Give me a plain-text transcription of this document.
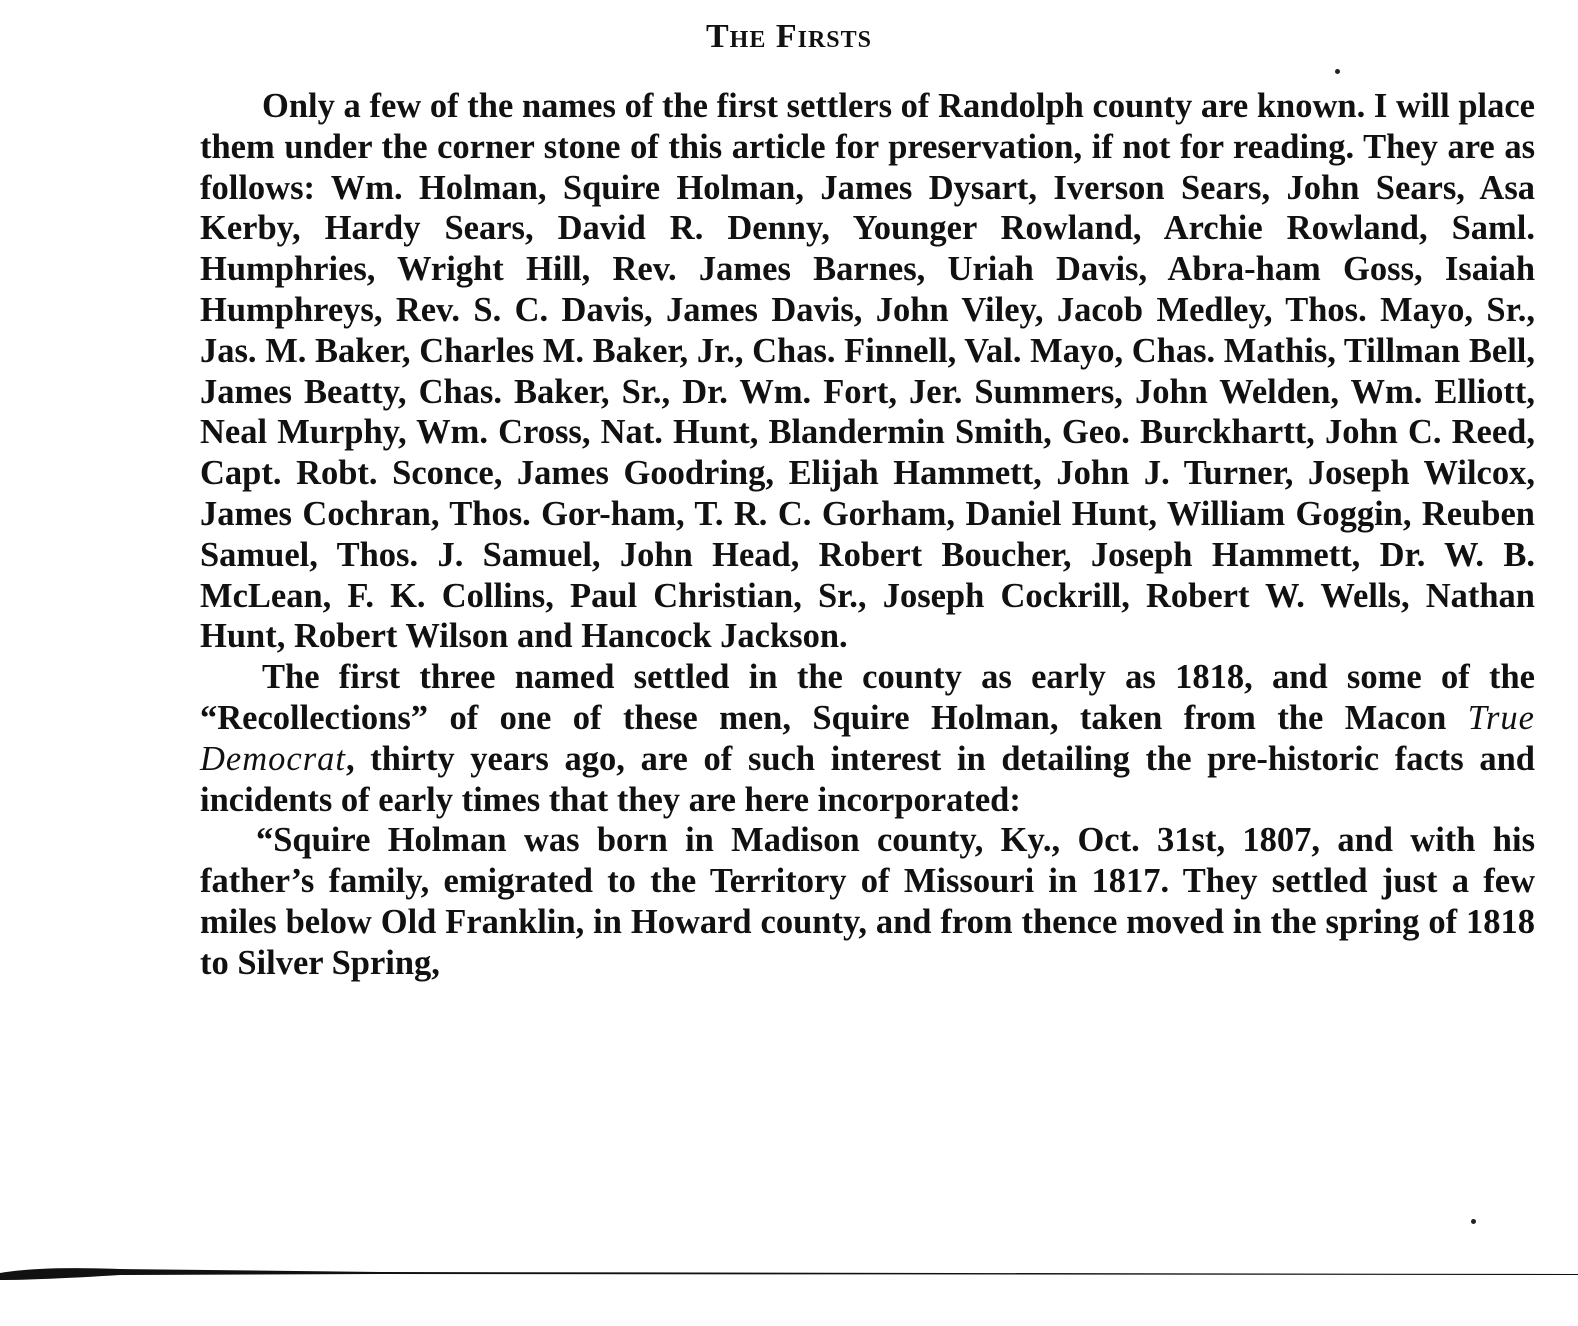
The Firsts

Only a few of the names of the first settlers of Randolph county are known. I will place them under the corner stone of this article for preservation, if not for reading. They are as follows: Wm. Holman, Squire Holman, James Dysart, Iverson Sears, John Sears, Asa Kerby, Hardy Sears, David R. Denny, Younger Rowland, Archie Rowland, Saml. Humphries, Wright Hill, Rev. James Barnes, Uriah Davis, Abra-ham Goss, Isaiah Humphreys, Rev. S. C. Davis, James Davis, John Viley, Jacob Medley, Thos. Mayo, Sr., Jas. M. Baker, Charles M. Baker, Jr., Chas. Finnell, Val. Mayo, Chas. Mathis, Tillman Bell, James Beatty, Chas. Baker, Sr., Dr. Wm. Fort, Jer. Summers, John Welden, Wm. Elliott, Neal Murphy, Wm. Cross, Nat. Hunt, Blandermin Smith, Geo. Burckhartt, John C. Reed, Capt. Robt. Sconce, James Goodring, Elijah Hammett, John J. Turner, Joseph Wilcox, James Cochran, Thos. Gor-ham, T. R. C. Gorham, Daniel Hunt, William Goggin, Reuben Samuel, Thos. J. Samuel, John Head, Robert Boucher, Joseph Hammett, Dr. W. B. McLean, F. K. Collins, Paul Christian, Sr., Joseph Cockrill, Robert W. Wells, Nathan Hunt, Robert Wilson and Hancock Jackson.

The first three named settled in the county as early as 1818, and some of the “Recollections” of one of these men, Squire Holman, taken from the Macon True Democrat, thirty years ago, are of such interest in detailing the pre-historic facts and incidents of early times that they are here incorporated:

“Squire Holman was born in Madison county, Ky., Oct. 31st, 1807, and with his father’s family, emigrated to the Territory of Missouri in 1817. They settled just a few miles below Old Franklin, in Howard county, and from thence moved in the spring of 1818 to Silver Spring,
